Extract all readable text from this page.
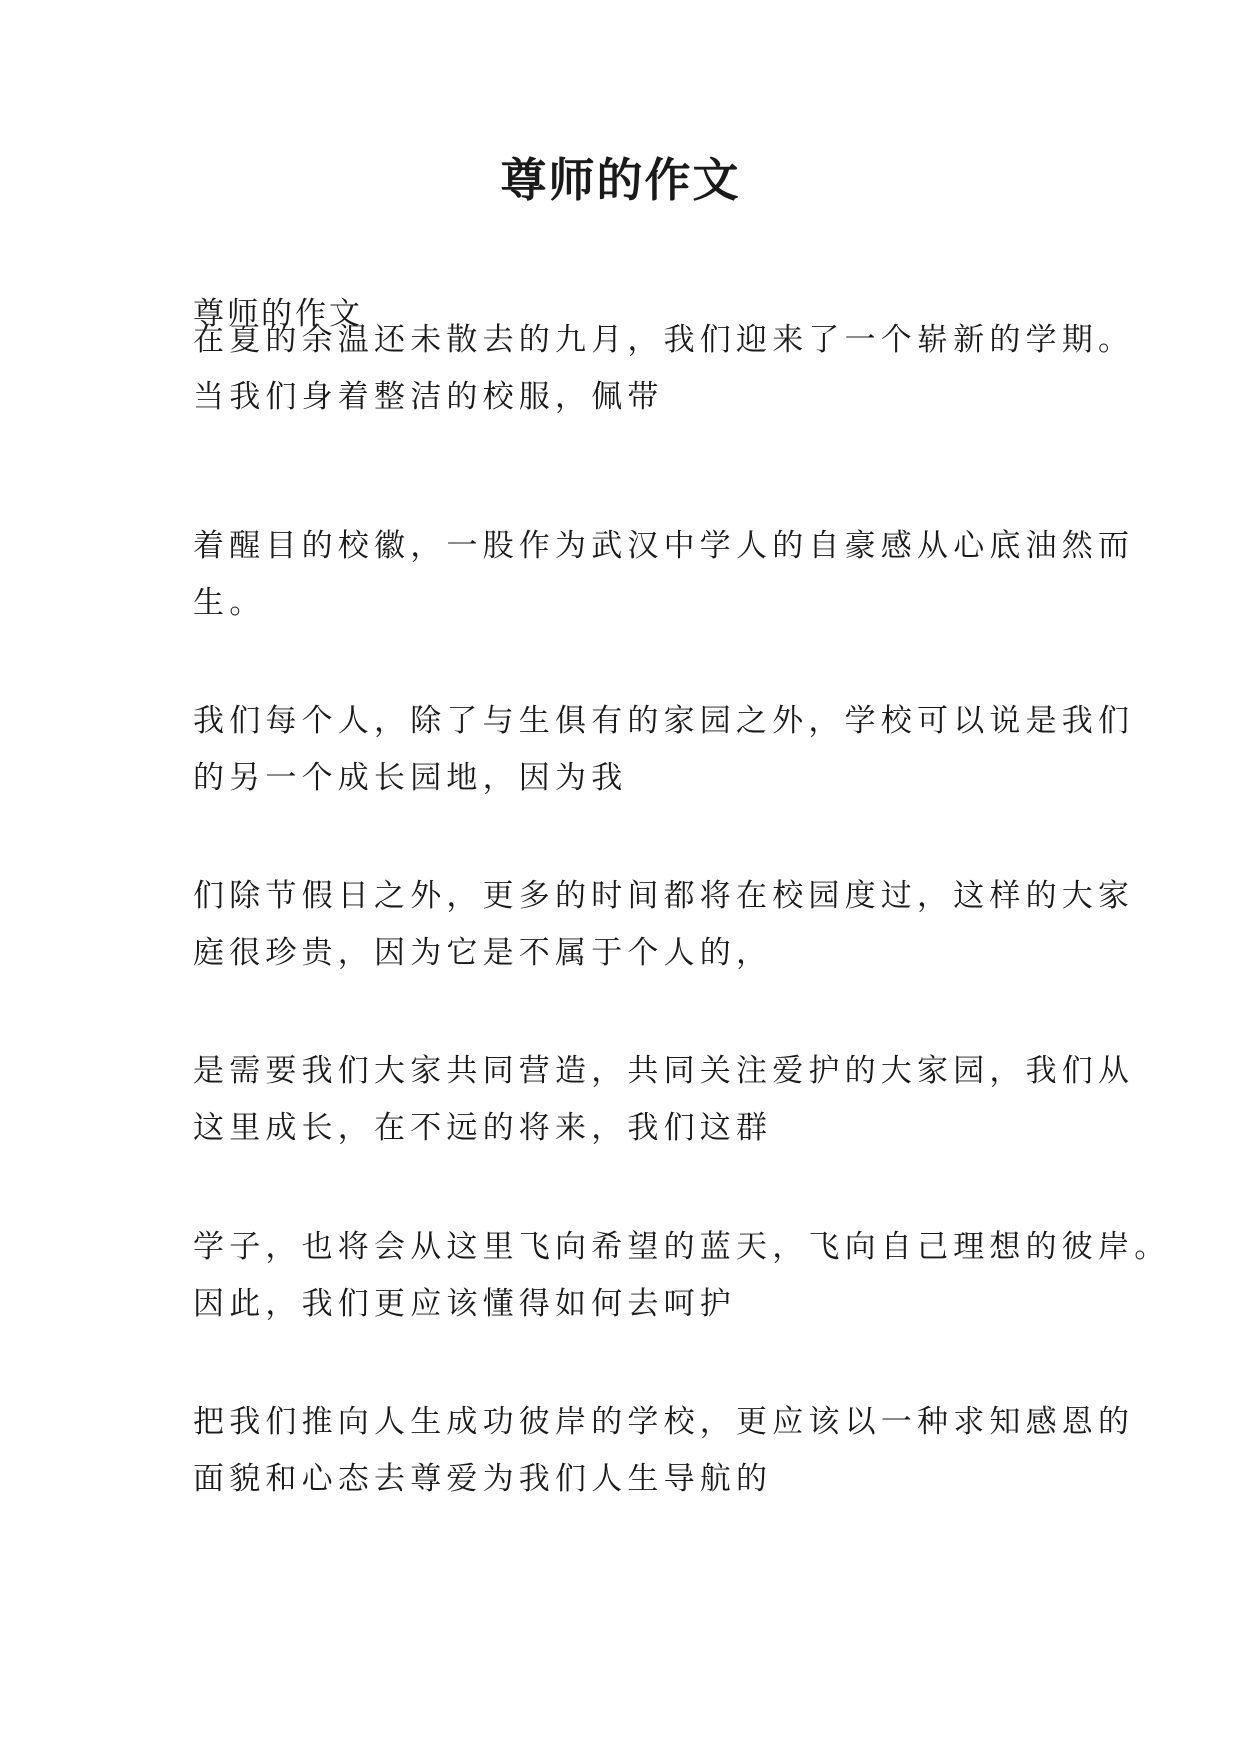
尊师的作文
尊师的作文
在夏的余温还未散去的九月，我们迎来了一个崭新的学期。
当我们身着整洁的校服，佩带
着醒目的校徽，一股作为武汉中学人的自豪感从心底油然而
生。
我们每个人，除了与生俱有的家园之外，学校可以说是我们
的另一个成长园地，因为我
们除节假日之外，更多的时间都将在校园度过，这样的大家
庭很珍贵，因为它是不属于个人的，
是需要我们大家共同营造，共同关注爱护的大家园，我们从
这里成长，在不远的将来，我们这群
学子，也将会从这里飞向希望的蓝天，飞向自己理想的彼岸。
因此，我们更应该懂得如何去呵护
把我们推向人生成功彼岸的学校，更应该以一种求知感恩的
面貌和心态去尊爱为我们人生导航的
